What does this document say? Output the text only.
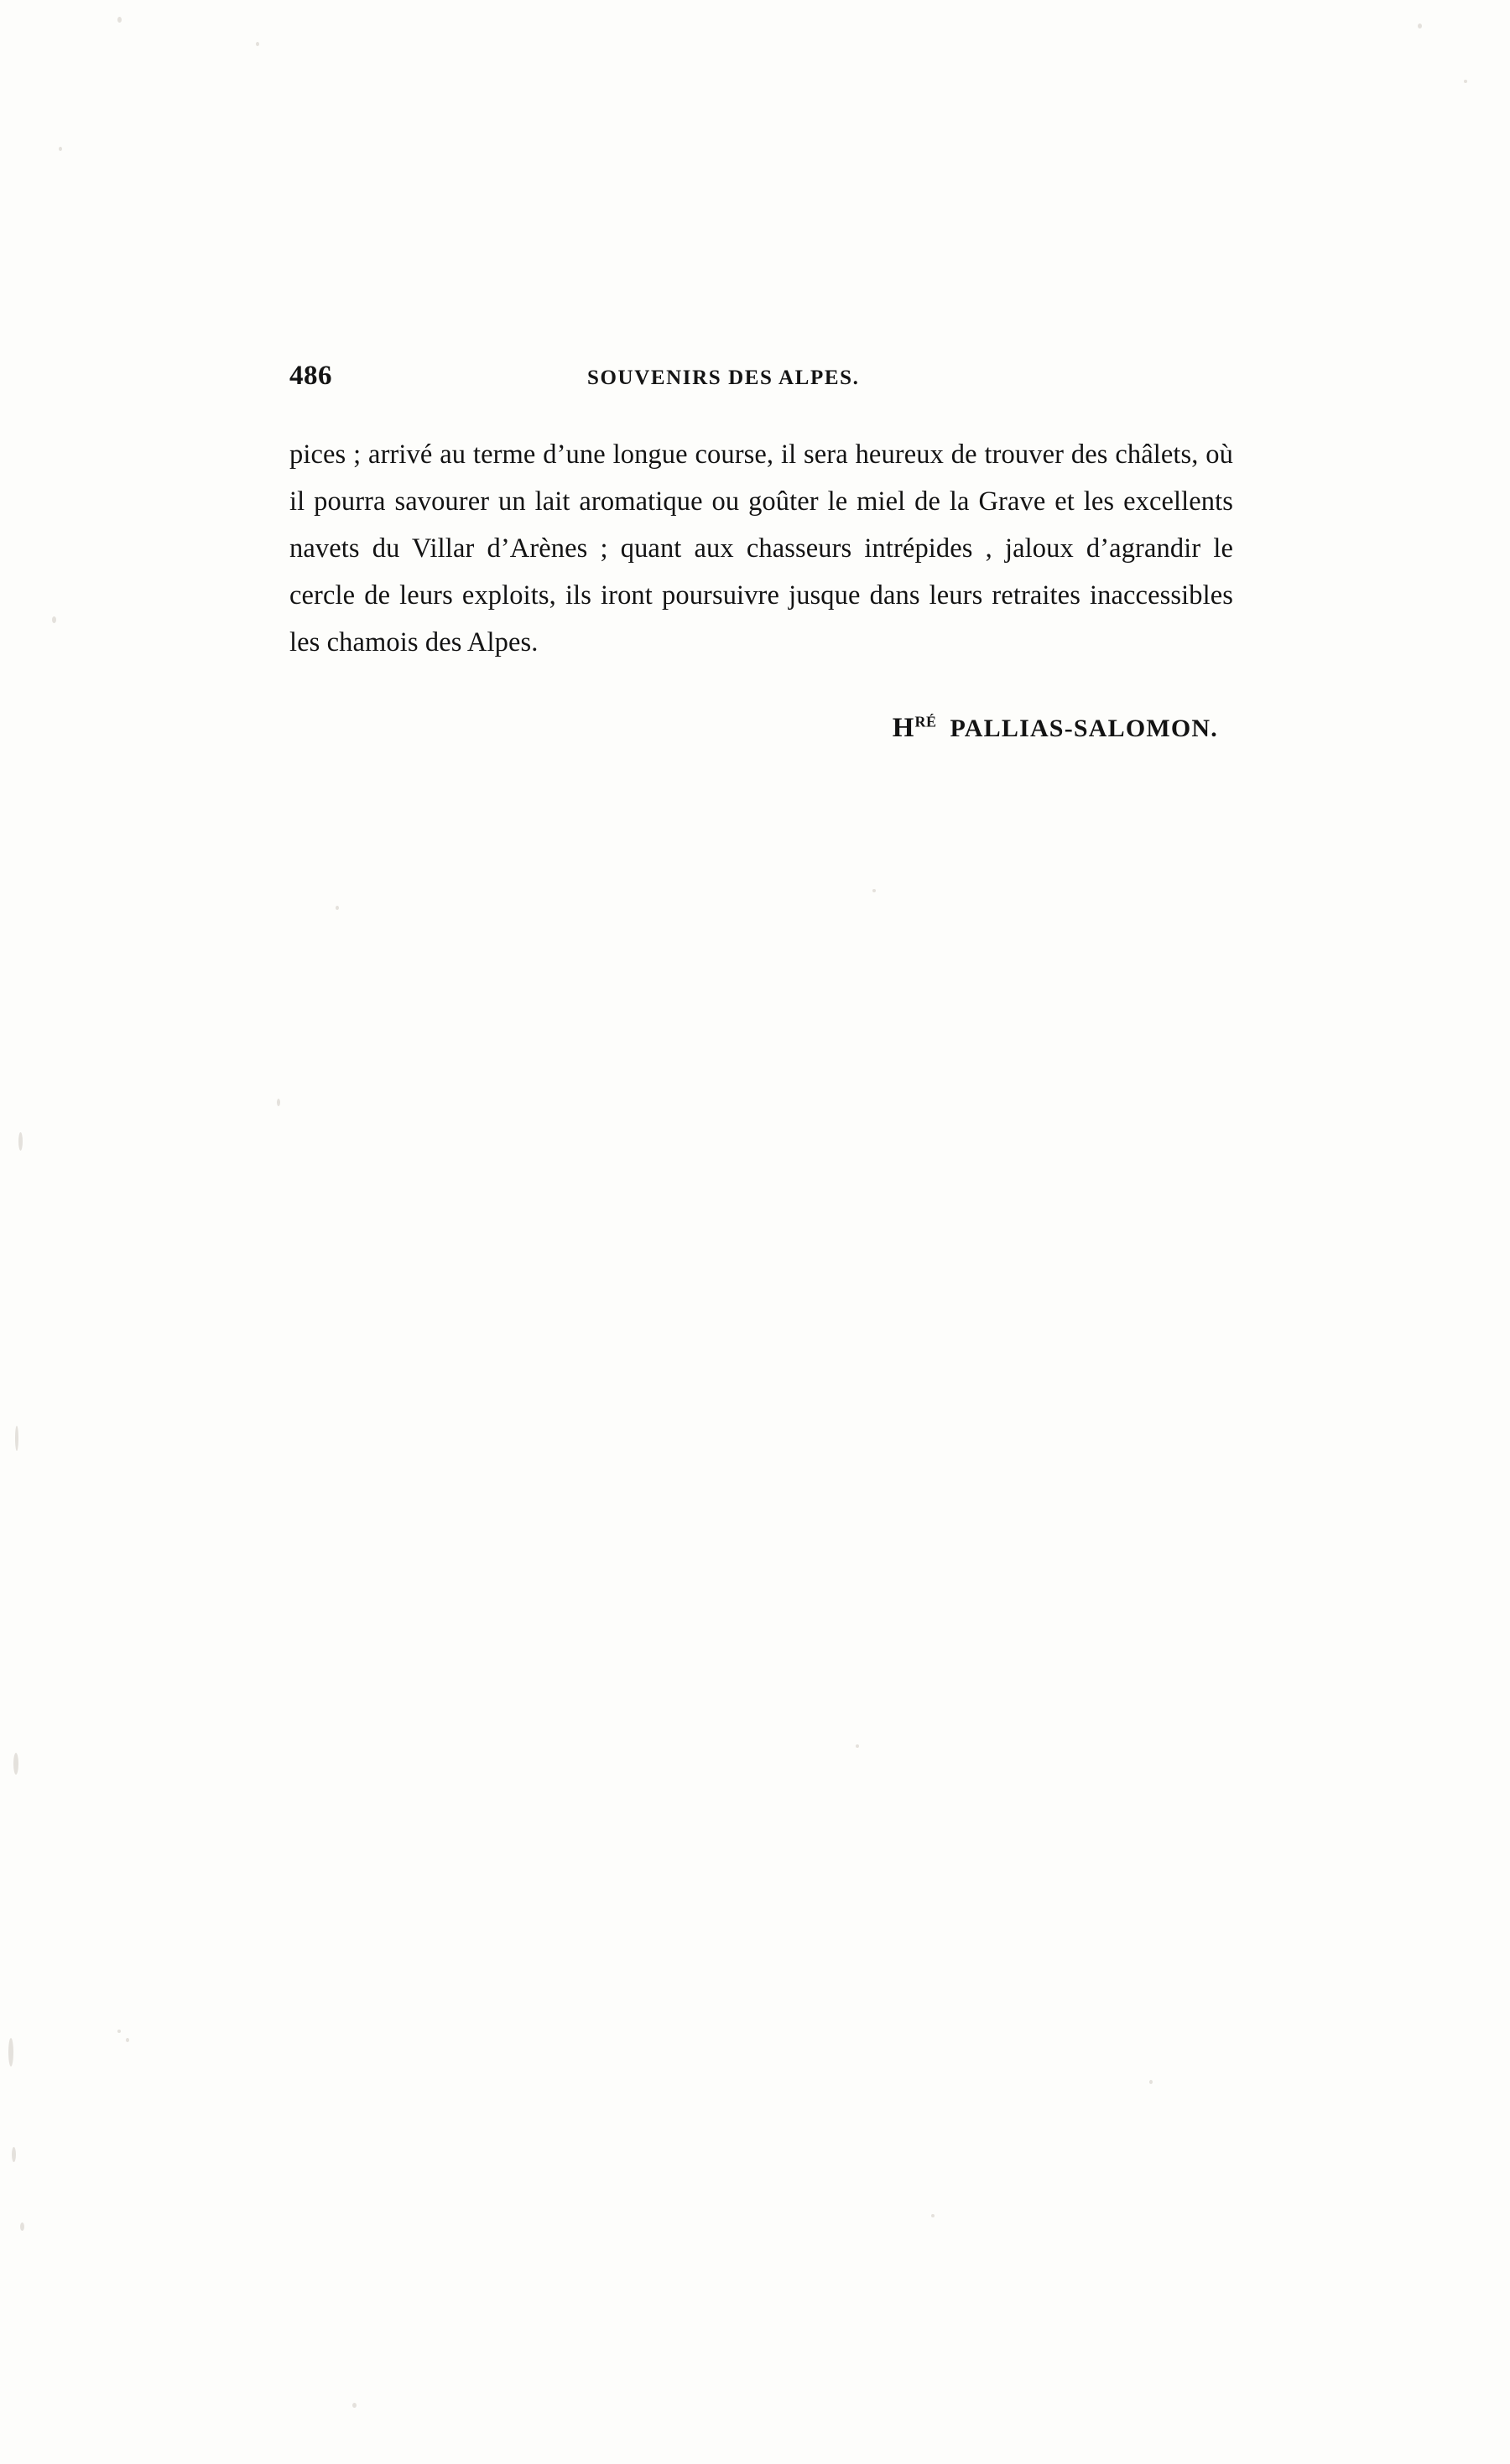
486	SOUVENIRS DES ALPES.

pices ; arrivé au terme d’une longue course, il sera heureux de trouver des châlets, où il pourra savourer un lait aromatique ou goûter le miel de la Grave et les excellents navets du Villar d’Arènes ; quant aux chasseurs intrépides , jaloux d’agrandir le cercle de leurs exploits, ils iront poursuivre jusque dans leurs retraites inaccessibles les chamois des Alpes.

$H^{RÉ}$ PALLIAS-SALOMON.
